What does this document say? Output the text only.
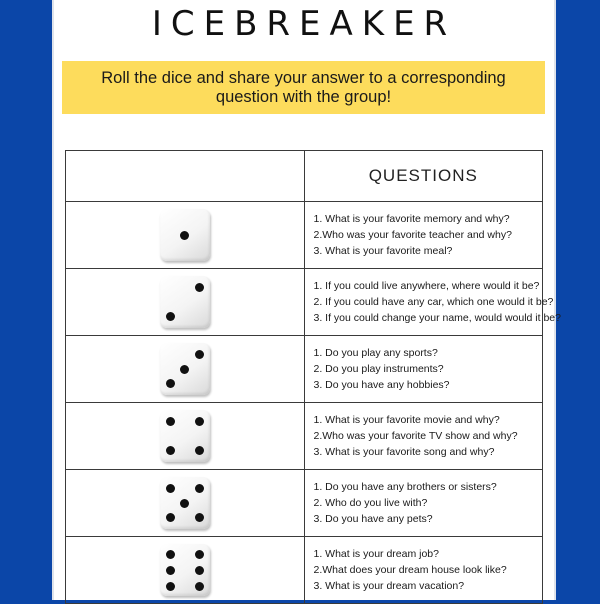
ICEBREAKER
Roll the dice and share your answer to a corresponding question with the group!
	QUESTIONS

	1. What is your favorite memory and why?
2.Who was your favorite teacher and why?
3. What is your favorite meal?

	1. If you could live anywhere, where would it be?
2. If you could have any car, which one would it be?
3. If you could change your name, would would it be?

	1. Do you play any sports?
2. Do you play instruments?
3. Do you have any hobbies?

	1. What is your favorite movie and why?
2.Who was your favorite TV show and why?
3. What is your favorite song and why?

	1. Do you have any brothers or sisters?
2. Who do you live with?
3. Do you have any pets?

	1. What is your dream job?
2.What does your dream house look like?
3. What is your dream vacation?
